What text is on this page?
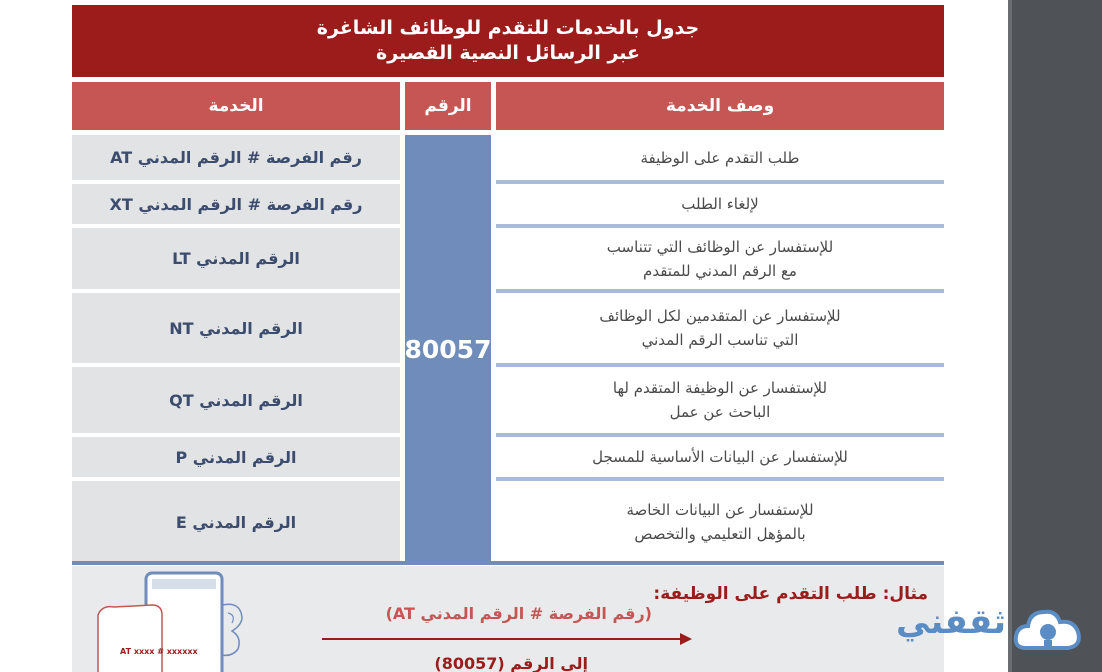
جدول بالخدمات للتقدم للوظائف الشاغرة
عبر الرسائل النصية القصيرة
وصف الخدمة
الرقم
الخدمة
80057
طلب التقدم على الوظيفة
رقم الفرصة # الرقم المدني AT
لإلغاء الطلب
رقم الفرصة # الرقم المدني XT
للإستفسار عن الوظائف التي تتناسب
مع الرقم المدني للمتقدم
الرقم المدني LT
للإستفسار عن المتقدمين لكل الوظائف
التي تناسب الرقم المدني
الرقم المدني NT
للإستفسار عن الوظيفة المتقدم لها
الباحث عن عمل
الرقم المدني QT
للإستفسار عن البيانات الأساسية للمسجل
الرقم المدني P
للإستفسار عن البيانات الخاصة
بالمؤهل التعليمي والتخصص
الرقم المدني E
مثال: طلب التقدم على الوظيفة:
(رقم الفرصة # الرقم المدني AT)
إلى الرقم (80057)
AT xxxx # xxxxxx
ثقفني
